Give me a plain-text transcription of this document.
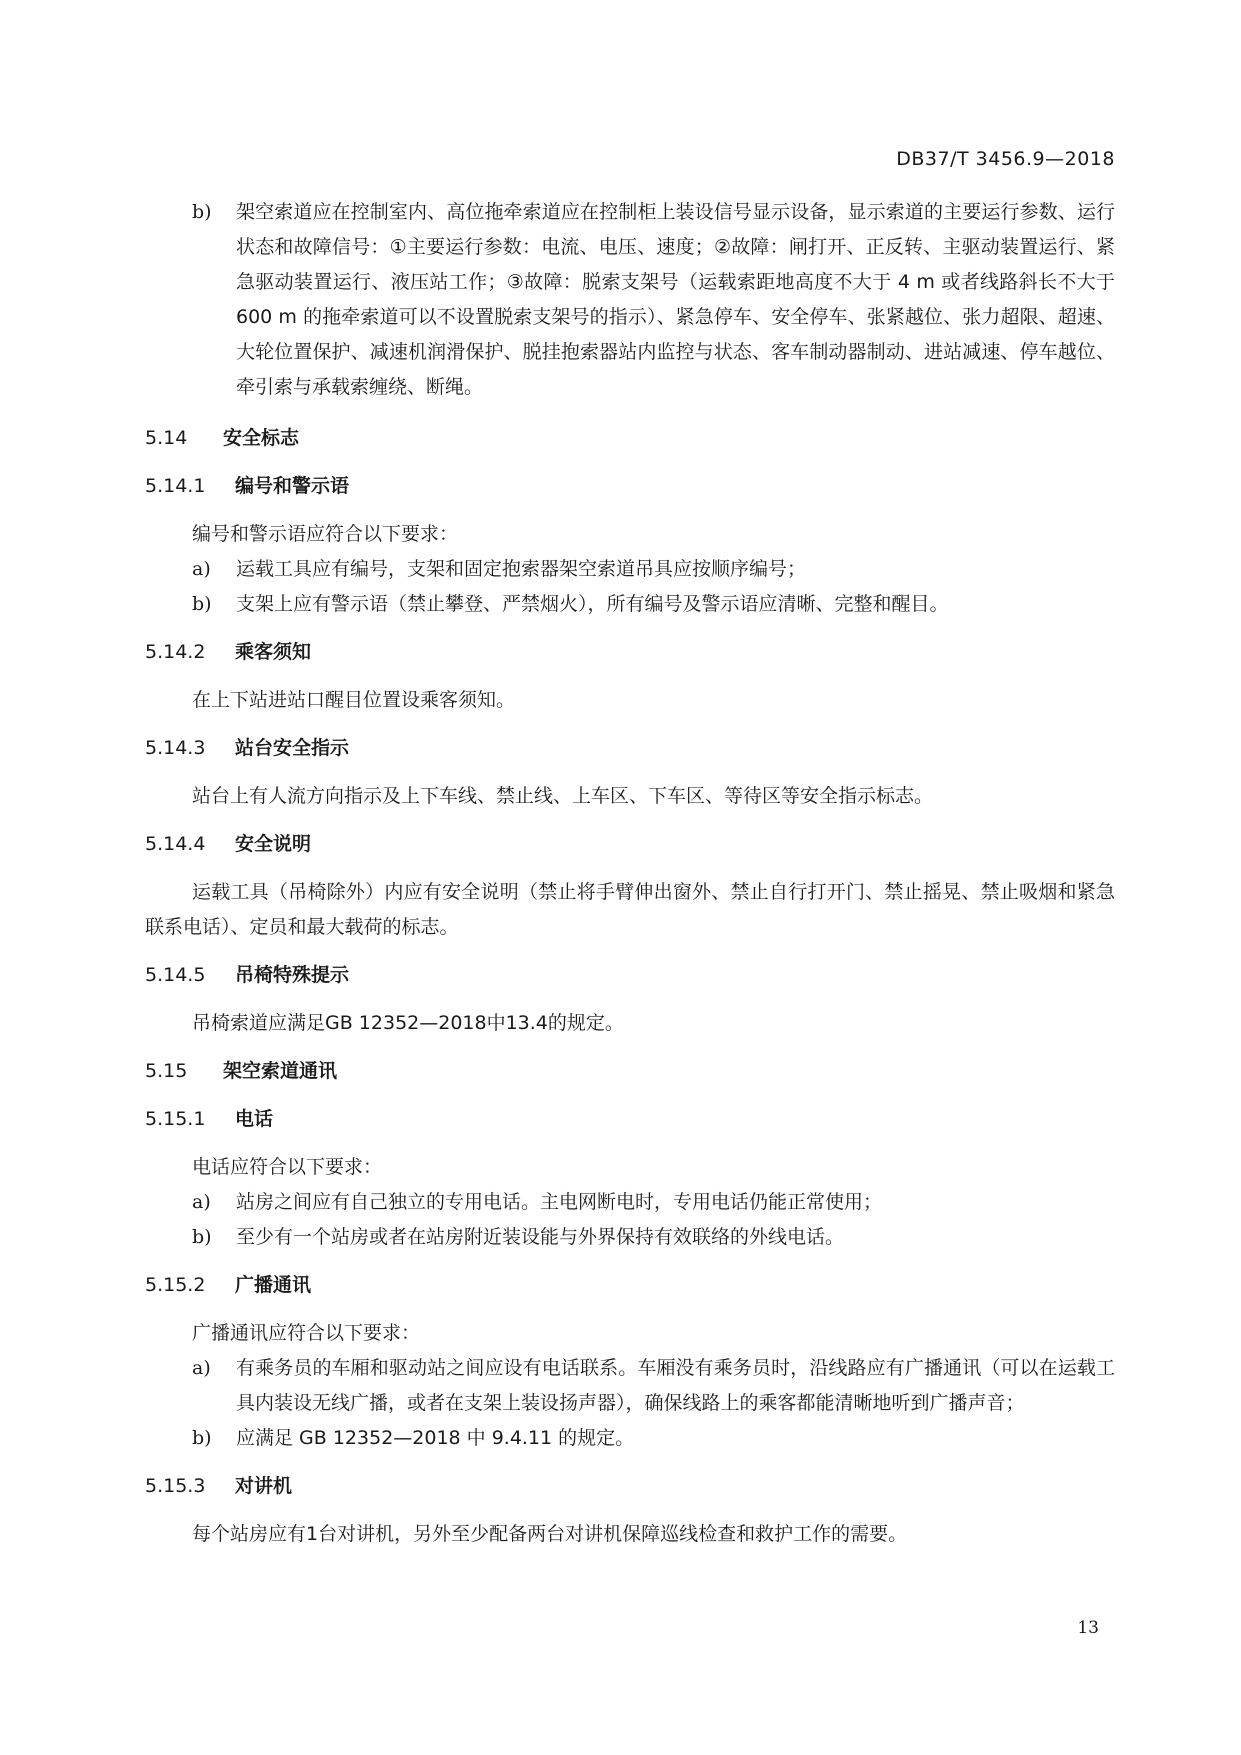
DB37/T 3456.9—2018
b)	架空索道应在控制室内、高位拖牵索道应在控制柜上装设信号显示设备，显示索道的主要运行参数、运行状态和故障信号：①主要运行参数：电流、电压、速度；②故障：闸打开、正反转、主驱动装置运行、紧急驱动装置运行、液压站工作；③故障：脱索支架号（运载索距地高度不大于 4 m 或者线路斜长不大于 600 m 的拖牵索道可以不设置脱索支架号的指示）、紧急停车、安全停车、张紧越位、张力超限、超速、大轮位置保护、减速机润滑保护、脱挂抱索器站内监控与状态、客车制动器制动、进站减速、停车越位、牵引索与承载索缠绕、断绳。
5.14 安全标志
5.14.1 编号和警示语
编号和警示语应符合以下要求：
a)	运载工具应有编号，支架和固定抱索器架空索道吊具应按顺序编号；
b)	支架上应有警示语（禁止攀登、严禁烟火），所有编号及警示语应清晰、完整和醒目。
5.14.2 乘客须知
在上下站进站口醒目位置设乘客须知。
5.14.3 站台安全指示
站台上有人流方向指示及上下车线、禁止线、上车区、下车区、等待区等安全指示标志。
5.14.4 安全说明
运载工具（吊椅除外）内应有安全说明（禁止将手臂伸出窗外、禁止自行打开门、禁止摇晃、禁止吸烟和紧急联系电话）、定员和最大载荷的标志。
5.14.5 吊椅特殊提示
吊椅索道应满足GB 12352—2018中13.4的规定。
5.15 架空索道通讯
5.15.1 电话
电话应符合以下要求：
a)	站房之间应有自己独立的专用电话。主电网断电时，专用电话仍能正常使用；
b)	至少有一个站房或者在站房附近装设能与外界保持有效联络的外线电话。
5.15.2 广播通讯
广播通讯应符合以下要求：
a)	有乘务员的车厢和驱动站之间应设有电话联系。车厢没有乘务员时，沿线路应有广播通讯（可以在运载工具内装设无线广播，或者在支架上装设扬声器），确保线路上的乘客都能清晰地听到广播声音；
b)	应满足 GB 12352—2018 中 9.4.11 的规定。
5.15.3 对讲机
每个站房应有1台对讲机，另外至少配备两台对讲机保障巡线检查和救护工作的需要。
13
